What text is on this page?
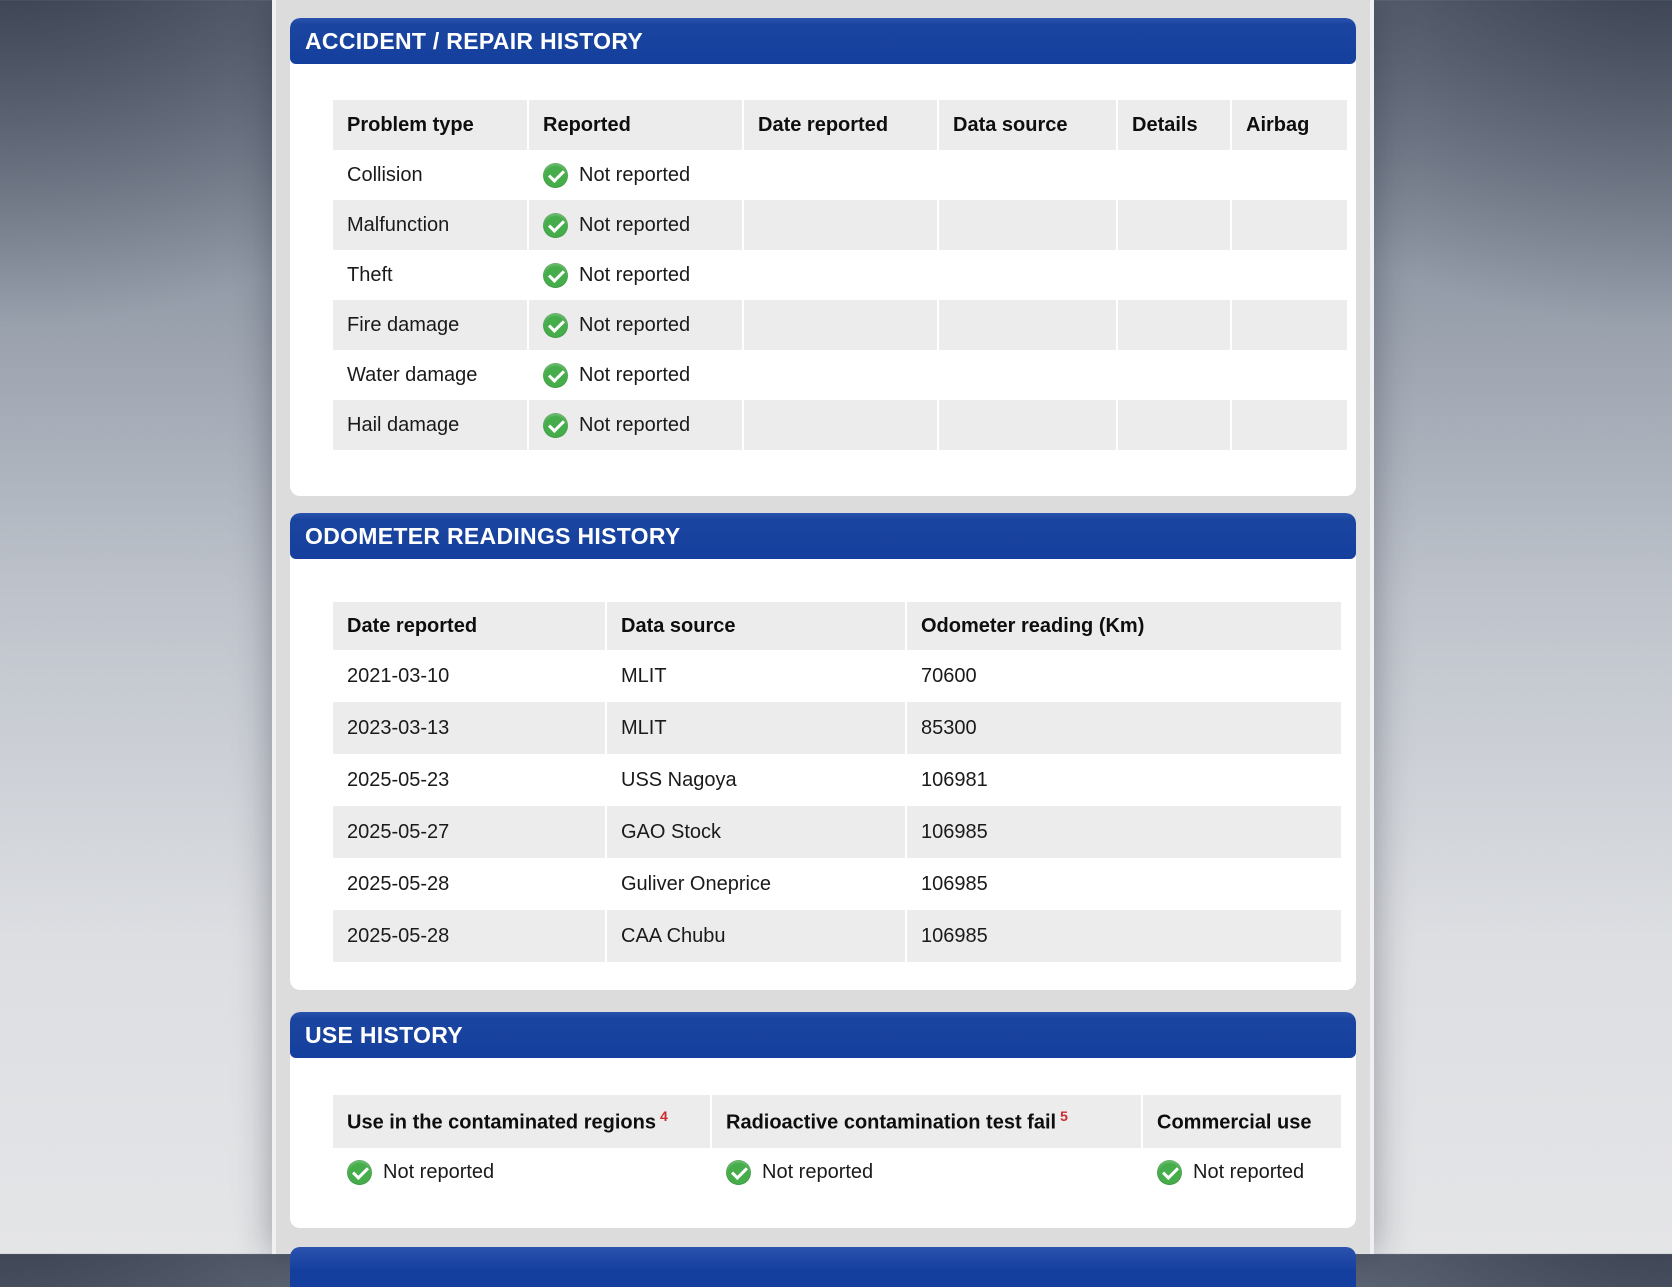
ACCIDENT / REPAIR HISTORY
Problem type	Reported	Date reported	Data source	Details	Airbag
Collision	Not reported				

Malfunction	Not reported				

Theft	Not reported				

Fire damage	Not reported				

Water damage	Not reported				

Hail damage	Not reported				

ODOMETER READINGS HISTORY
Date reported	Data source	Odometer reading (Km)
2021-03-10	MLIT	70600
2023-03-13	MLIT	85300
2025-05-23	USS Nagoya	106981
2025-05-27	GAO Stock	106985
2025-05-28	Guliver Oneprice	106985
2025-05-28	CAA Chubu	106985
USE HISTORY
Use in the contaminated regions $^4$	Radioactive contamination test fail $^5$	Commercial use

Not reported	Not reported	Not reported
